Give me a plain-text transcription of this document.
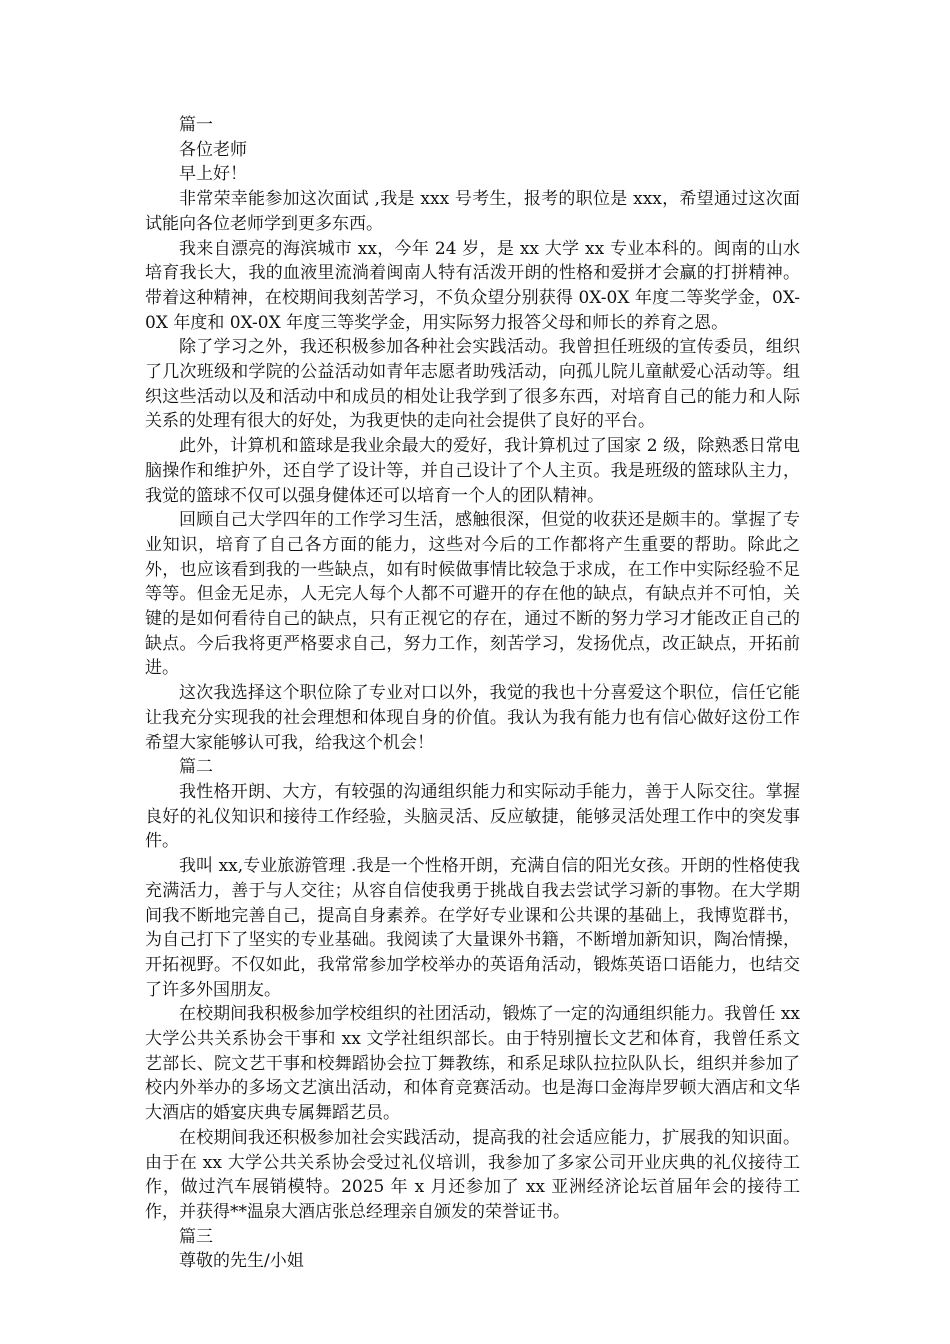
篇一

各位老师

早上好！

非常荣幸能参加这次面试 ,我是 xxx 号考生，报考的职位是 xxx，希望通过这次面试能向各位老师学到更多东西。

我来自漂亮的海滨城市 xx，今年 24 岁，是 xx 大学 xx 专业本科的。闽南的山水培育我长大，我的血液里流淌着闽南人特有活泼开朗的性格和爱拼才会赢的打拼精神。带着这种精神，在校期间我刻苦学习，不负众望分别获得 0X-0X 年度二等奖学金，0X-0X 年度和 0X-0X 年度三等奖学金，用实际努力报答父母和师长的养育之恩。

除了学习之外，我还积极参加各种社会实践活动。我曾担任班级的宣传委员，组织了几次班级和学院的公益活动如青年志愿者助残活动，向孤儿院儿童献爱心活动等。组织这些活动以及和活动中和成员的相处让我学到了很多东西，对培育自己的能力和人际关系的处理有很大的好处，为我更快的走向社会提供了良好的平台。

此外，计算机和篮球是我业余最大的爱好，我计算机过了国家 2 级，除熟悉日常电脑操作和维护外，还自学了设计等，并自己设计了个人主页。我是班级的篮球队主力，我觉的篮球不仅可以强身健体还可以培育一个人的团队精神。

回顾自己大学四年的工作学习生活，感触很深，但觉的收获还是颇丰的。掌握了专业知识，培育了自己各方面的能力，这些对今后的工作都将产生重要的帮助。除此之外，也应该看到我的一些缺点，如有时候做事情比较急于求成，在工作中实际经验不足等等。但金无足赤，人无完人每个人都不可避开的存在他的缺点，有缺点并不可怕，关键的是如何看待自己的缺点，只有正视它的存在，通过不断的努力学习才能改正自己的缺点。今后我将更严格要求自己，努力工作，刻苦学习，发扬优点，改正缺点，开拓前进。

这次我选择这个职位除了专业对口以外，我觉的我也十分喜爱这个职位，信任它能让我充分实现我的社会理想和体现自身的价值。我认为我有能力也有信心做好这份工作希望大家能够认可我，给我这个机会！

篇二

我性格开朗、大方，有较强的沟通组织能力和实际动手能力，善于人际交往。掌握良好的礼仪知识和接待工作经验，头脑灵活、反应敏捷，能够灵活处理工作中的突发事件。

我叫 xx,专业旅游管理 .我是一个性格开朗，充满自信的阳光女孩。开朗的性格使我充满活力，善于与人交往；从容自信使我勇于挑战自我去尝试学习新的事物。在大学期间我不断地完善自己，提高自身素养。在学好专业课和公共课的基础上，我博览群书，为自己打下了坚实的专业基础。我阅读了大量课外书籍，不断增加新知识，陶冶情操，开拓视野。不仅如此，我常常参加学校举办的英语角活动，锻炼英语口语能力，也结交了许多外国朋友。

在校期间我积极参加学校组织的社团活动，锻炼了一定的沟通组织能力。我曾任 xx 大学公共关系协会干事和 xx 文学社组织部长。由于特别擅长文艺和体育，我曾任系文艺部长、院文艺干事和校舞蹈协会拉丁舞教练，和系足球队拉拉队队长，组织并参加了校内外举办的多场文艺演出活动，和体育竞赛活动。也是海口金海岸罗顿大酒店和文华大酒店的婚宴庆典专属舞蹈艺员。

在校期间我还积极参加社会实践活动，提高我的社会适应能力，扩展我的知识面。由于在 xx 大学公共关系协会受过礼仪培训，我参加了多家公司开业庆典的礼仪接待工作，做过汽车展销模特。2025 年 x 月还参加了 xx 亚洲经济论坛首届年会的接待工作，并获得**温泉大酒店张总经理亲自颁发的荣誉证书。

篇三

尊敬的先生/小姐
